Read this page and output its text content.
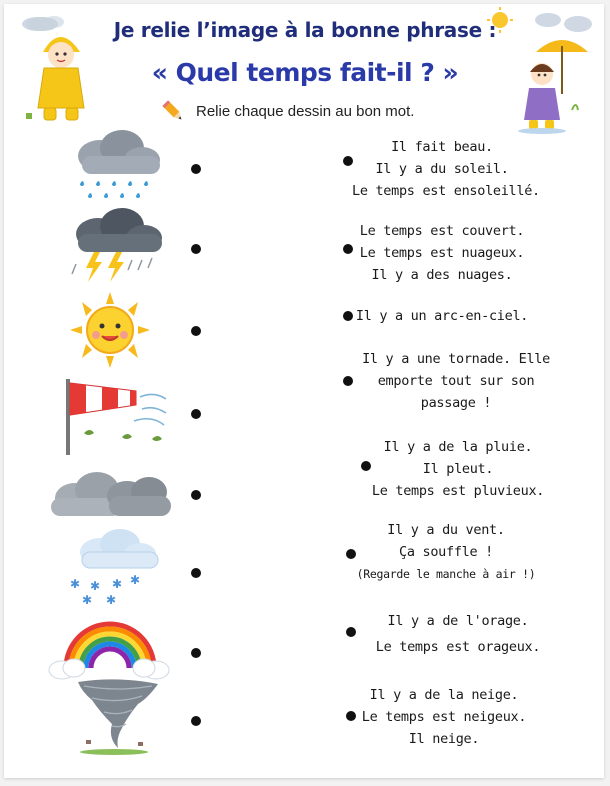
Je relie l’image à la bonne phrase :
« Quel temps fait-il ? »
Relie chaque dessin au bon mot.
✱ ✱ ✱ ✱
✱ ✱
Il fait beau.
Il y a du soleil.
Le temps est ensoleillé.
Le temps est couvert.
Le temps est nuageux.
Il y a des nuages.
Il y a un arc-en-ciel.
Il y a une tornade. Elle
emporte tout sur son
passage !
Il y a de la pluie.
Il pleut.
Le temps est pluvieux.
Il y a du vent.
Ça souffle !
(Regarde le manche à air !)
Il y a de l'orage.
Le temps est orageux.
Il y a de la neige.
Le temps est neigeux.
Il neige.
